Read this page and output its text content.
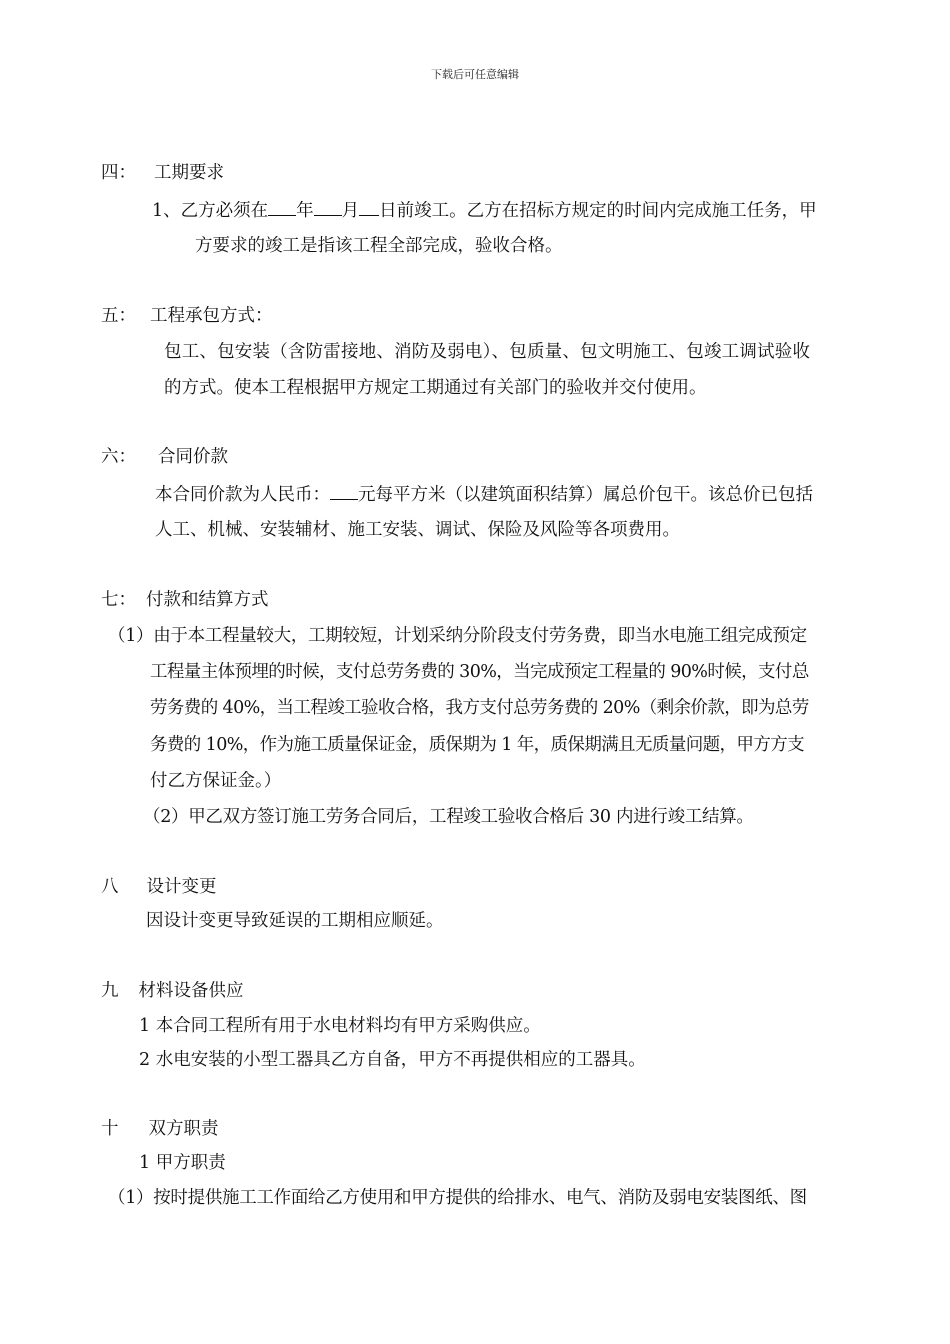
下载后可任意编辑
四： 工期要求
1、乙方必须在 年 月 日前竣工。乙方在招标方规定的时间内完成施工任务，甲
方要求的竣工是指该工程全部完成，验收合格。
五： 工程承包方式：
包工、包安装（含防雷接地、消防及弱电）、包质量、包文明施工、包竣工调试验收
的方式。使本工程根据甲方规定工期通过有关部门的验收并交付使用。
六： 合同价款
本合同价款为人民币： 元每平方米（以建筑面积结算）属总价包干。该总价已包括
人工、机械、安装辅材、施工安装、调试、保险及风险等各项费用。
七： 付款和结算方式
（1）由于本工程量较大，工期较短，计划采纳分阶段支付劳务费，即当水电施工组完成预定
工程量主体预埋的时候，支付总劳务费的 30%，当完成预定工程量的 90%时候，支付总
劳务费的 40%，当工程竣工验收合格，我方支付总劳务费的 20%（剩余价款，即为总劳
务费的 10%，作为施工质量保证金，质保期为 1 年，质保期满且无质量问题，甲方方支
付乙方保证金。）
（2）甲乙双方签订施工劳务合同后，工程竣工验收合格后 30 内进行竣工结算。
八 设计变更
因设计变更导致延误的工期相应顺延。
九 材料设备供应
1 本合同工程所有用于水电材料均有甲方采购供应。
2 水电安装的小型工器具乙方自备，甲方不再提供相应的工器具。
十 双方职责
1 甲方职责
（1）按时提供施工工作面给乙方使用和甲方提供的给排水、电气、消防及弱电安装图纸、图
